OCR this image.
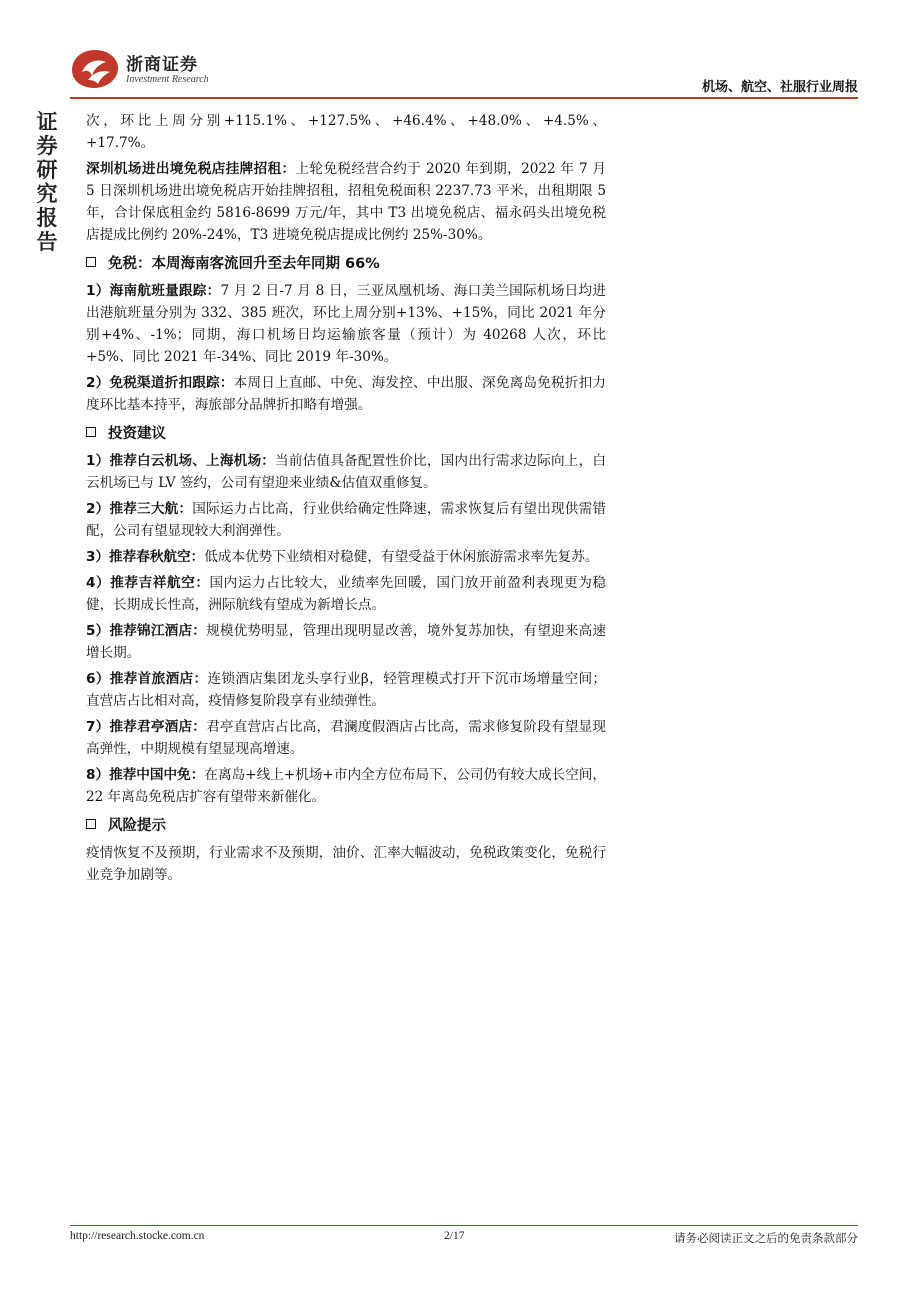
浙商证券
Investment Research
机场、航空、社服行业周报
证
券
研
究
报
告

次，环比上周分别+115.1%、+127.5%、+46.4%、+48.0%、+4.5%、+17.7%。

深圳机场进出境免税店挂牌招租：上轮免税经营合约于 2020 年到期，2022 年 7 月 5 日深圳机场进出境免税店开始挂牌招租，招租免税面积 2237.73 平米，出租期限 5 年，合计保底租金约 5816-8699 万元/年，其中 T3 出境免税店、福永码头出境免税店提成比例约 20%-24%，T3 进境免税店提成比例约 25%-30%。

免税：本周海南客流回升至去年同期 66%

1）海南航班量跟踪：7 月 2 日-7 月 8 日，三亚凤凰机场、海口美兰国际机场日均进出港航班量分别为 332、385 班次，环比上周分别+13%、+15%，同比 2021 年分别+4%、-1%；同期，海口机场日均运输旅客量（预计）为 40268 人次，环比+5%、同比 2021 年-34%、同比 2019 年-30%。

2）免税渠道折扣跟踪：本周日上直邮、中免、海发控、中出服、深免离岛免税折扣力度环比基本持平，海旅部分品牌折扣略有增强。

投资建议

1）推荐白云机场、上海机场：当前估值具备配置性价比，国内出行需求边际向上，白云机场已与 LV 签约，公司有望迎来业绩&估值双重修复。

2）推荐三大航：国际运力占比高，行业供给确定性降速，需求恢复后有望出现供需错配，公司有望显现较大利润弹性。

3）推荐春秋航空：低成本优势下业绩相对稳健，有望受益于休闲旅游需求率先复苏。

4）推荐吉祥航空：国内运力占比较大，业绩率先回暖，国门放开前盈利表现更为稳健，长期成长性高，洲际航线有望成为新增长点。

5）推荐锦江酒店：规模优势明显，管理出现明显改善，境外复苏加快，有望迎来高速增长期。

6）推荐首旅酒店：连锁酒店集团龙头享行业β，轻管理模式打开下沉市场增量空间；直营店占比相对高，疫情修复阶段享有业绩弹性。

7）推荐君亭酒店：君亭直营店占比高，君澜度假酒店占比高，需求修复阶段有望显现高弹性，中期规模有望显现高增速。

8）推荐中国中免：在离岛+线上+机场+市内全方位布局下，公司仍有较大成长空间，22 年离岛免税店扩容有望带来新催化。

风险提示

疫情恢复不及预期，行业需求不及预期，油价、汇率大幅波动，免税政策变化，免税行业竞争加剧等。

http://research.stocke.com.cn	2/17	请务必阅读正文之后的免责条款部分
